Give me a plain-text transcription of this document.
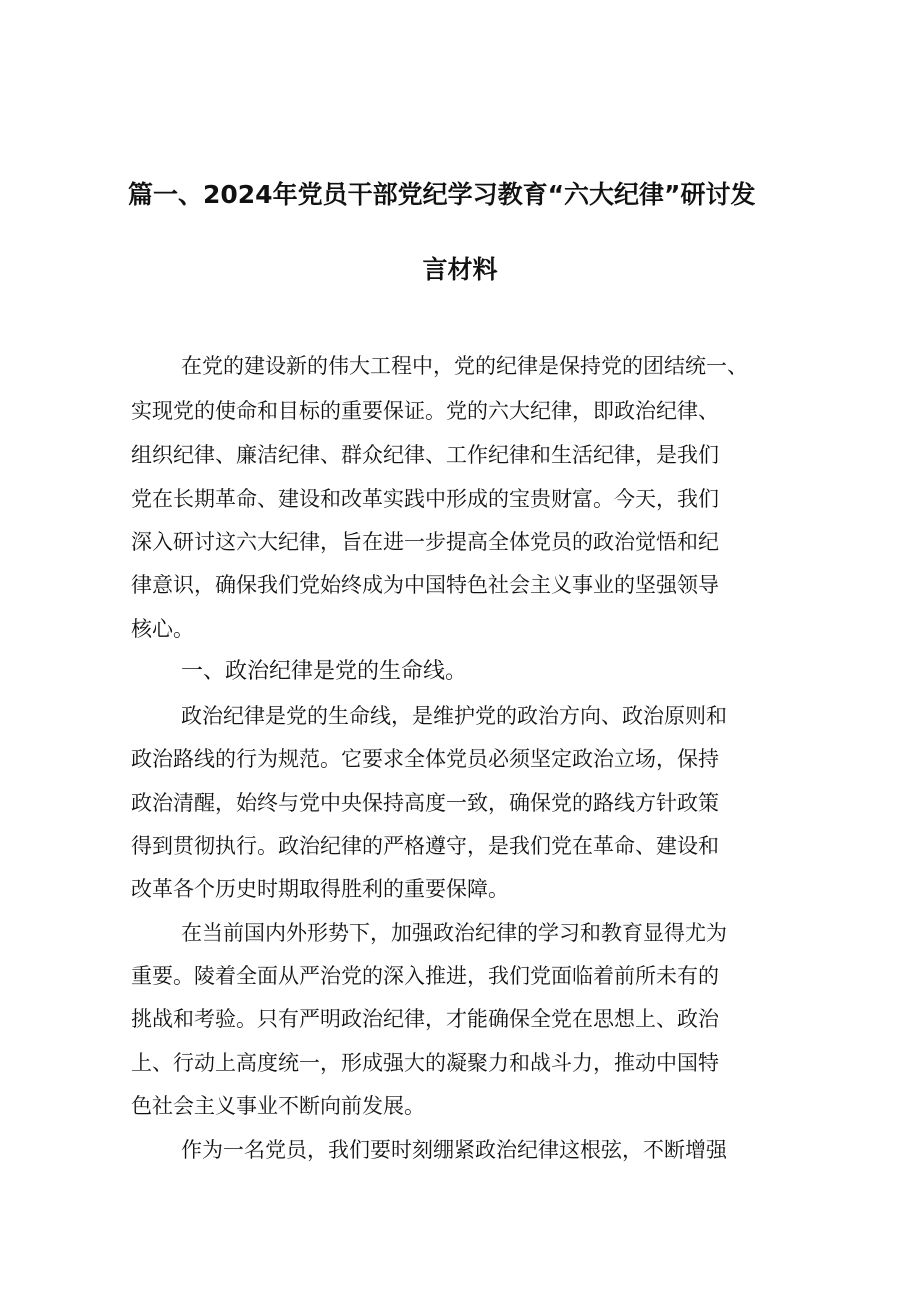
篇一、2024年党员干部党纪学习教育“六大纪律”研讨发
言材料
在党的建设新的伟大工程中，党的纪律是保持党的团结统一、
实现党的使命和目标的重要保证。党的六大纪律，即政治纪律、
组织纪律、廉洁纪律、群众纪律、工作纪律和生活纪律，是我们
党在长期革命、建设和改革实践中形成的宝贵财富。今天，我们
深入研讨这六大纪律，旨在进一步提高全体党员的政治觉悟和纪
律意识，确保我们党始终成为中国特色社会主义事业的坚强领导
核心。
一、政治纪律是党的生命线。
政治纪律是党的生命线，是维护党的政治方向、政治原则和
政治路线的行为规范。它要求全体党员必须坚定政治立场，保持
政治清醒，始终与党中央保持高度一致，确保党的路线方针政策
得到贯彻执行。政治纪律的严格遵守，是我们党在革命、建设和
改革各个历史时期取得胜利的重要保障。
在当前国内外形势下，加强政治纪律的学习和教育显得尤为
重要。陵着全面从严治党的深入推进，我们党面临着前所未有的
挑战和考验。只有严明政治纪律，才能确保全党在思想上、政治
上、行动上高度统一，形成强大的凝聚力和战斗力，推动中国特
色社会主义事业不断向前发展。
作为一名党员，我们要时刻绷紧政治纪律这根弦，不断增强
